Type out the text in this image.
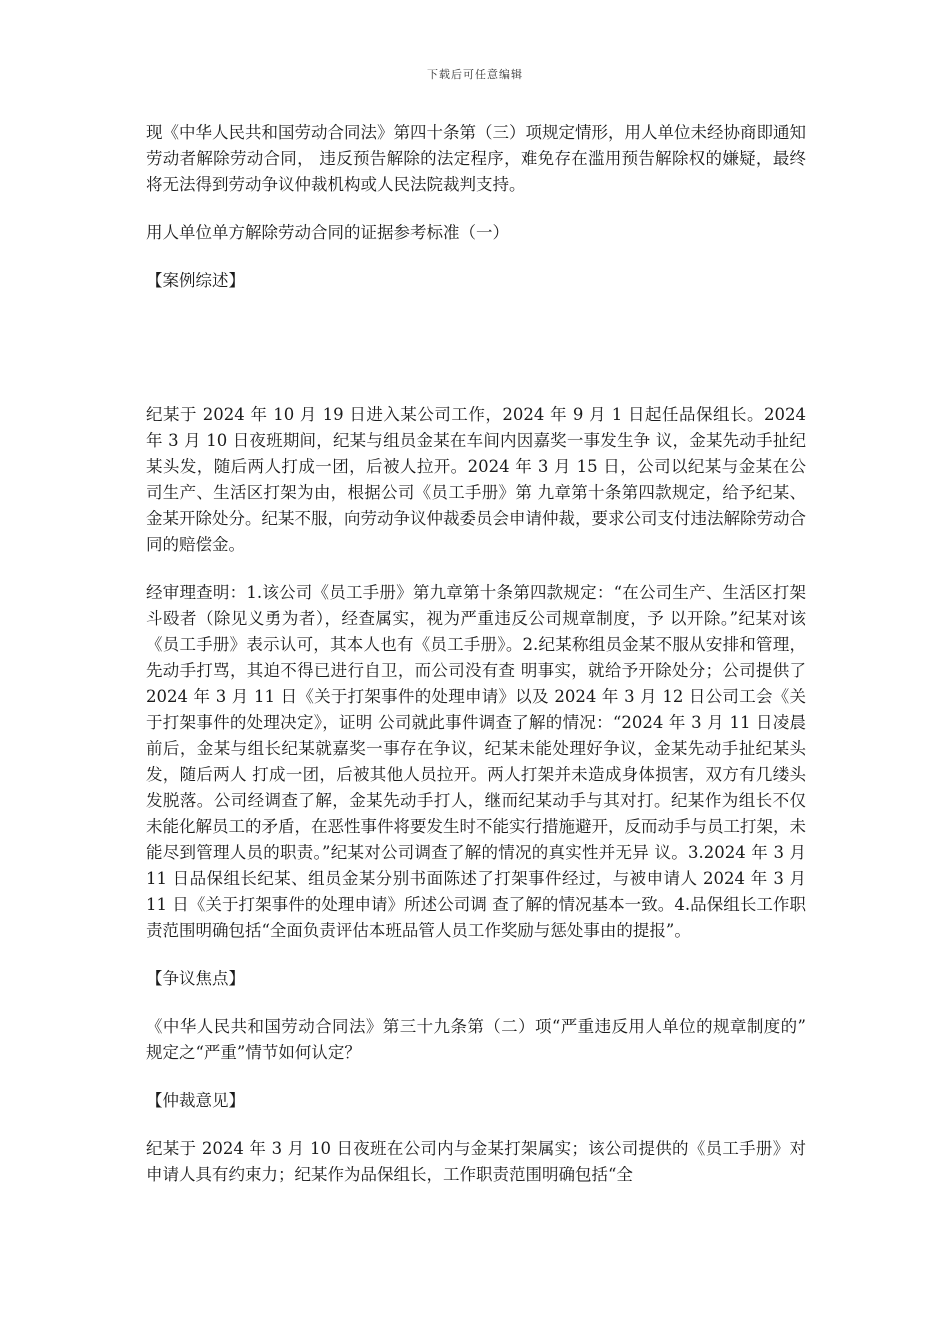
下载后可任意编辑

现《中华人民共和国劳动合同法》第四十条第（三）项规定情形，用人单位未经协商即通知劳动者解除劳动合同， 违反预告解除的法定程序，难免存在滥用预告解除权的嫌疑，最终将无法得到劳动争议仲裁机构或人民法院裁判支持。

用人单位单方解除劳动合同的证据参考标准（一）

【案例综述】

纪某于 2024 年 10 月 19 日进入某公司工作，2024 年 9 月 1 日起任品保组长。2024 年 3 月 10 日夜班期间，纪某与组员金某在车间内因嘉奖一事发生争 议，金某先动手扯纪某头发，随后两人打成一团，后被人拉开。2024 年 3 月 15 日，公司以纪某与金某在公司生产、生活区打架为由，根据公司《员工手册》第 九章第十条第四款规定，给予纪某、金某开除处分。纪某不服，向劳动争议仲裁委员会申请仲裁，要求公司支付违法解除劳动合同的赔偿金。

经审理查明：1.该公司《员工手册》第九章第十条第四款规定：“在公司生产、生活区打架斗殴者（除见义勇为者），经查属实，视为严重违反公司规章制度，予 以开除。”纪某对该《员工手册》表示认可，其本人也有《员工手册》。2.纪某称组员金某不服从安排和管理，先动手打骂，其迫不得已进行自卫，而公司没有查 明事实，就给予开除处分；公司提供了 2024 年 3 月 11 日《关于打架事件的处理申请》以及 2024 年 3 月 12 日公司工会《关于打架事件的处理决定》，证明 公司就此事件调查了解的情况：“2024 年 3 月 11 日凌晨前后，金某与组长纪某就嘉奖一事存在争议，纪某未能处理好争议，金某先动手扯纪某头发，随后两人 打成一团，后被其他人员拉开。两人打架并未造成身体损害，双方有几缕头发脱落。公司经调查了解，金某先动手打人，继而纪某动手与其对打。纪某作为组长不仅 未能化解员工的矛盾，在恶性事件将要发生时不能实行措施避开，反而动手与员工打架，未能尽到管理人员的职责。”纪某对公司调查了解的情况的真实性并无异 议。3.2024 年 3 月 11 日品保组长纪某、组员金某分别书面陈述了打架事件经过，与被申请人 2024 年 3 月 11 日《关于打架事件的处理申请》所述公司调 查了解的情况基本一致。4.品保组长工作职责范围明确包括“全面负责评估本班品管人员工作奖励与惩处事由的提报”。

【争议焦点】

《中华人民共和国劳动合同法》第三十九条第（二）项“严重违反用人单位的规章制度的” 规定之“严重”情节如何认定？

【仲裁意见】

纪某于 2024 年 3 月 10 日夜班在公司内与金某打架属实；该公司提供的《员工手册》对申请人具有约束力；纪某作为品保组长，工作职责范围明确包括“全
